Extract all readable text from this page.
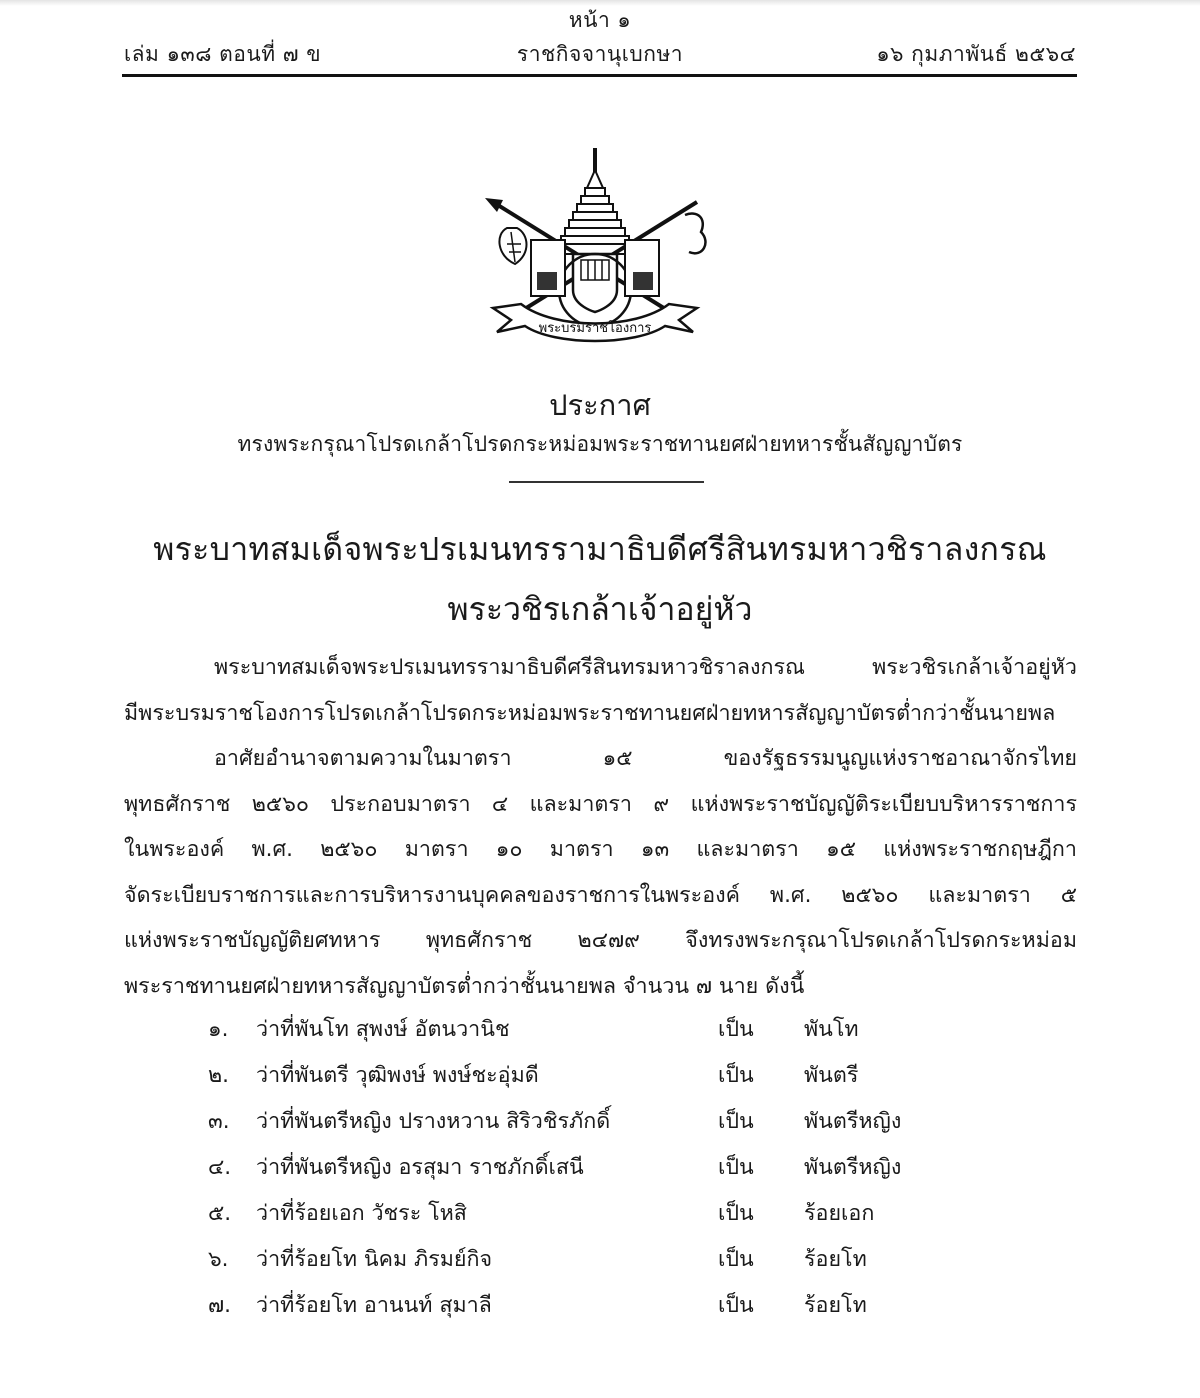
หน้า ๑
เล่ม ๑๓๘ ตอนที่ ๗ ข	ราชกิจจานุเบกษา	๑๖ กุมภาพันธ์ ๒๕๖๔
พระบรมราชโองการ
ประกาศ
ทรงพระกรุณาโปรดเกล้าโปรดกระหม่อมพระราชทานยศฝ่ายทหารชั้นสัญญาบัตร
พระบาทสมเด็จพระปรเมนทรรามาธิบดีศรีสินทรมหาวชิราลงกรณ
พระวชิรเกล้าเจ้าอยู่หัว
พระบาทสมเด็จพระปรเมนทรรามาธิบดีศรีสินทรมหาวชิราลงกรณ พระวชิรเกล้าเจ้าอยู่หัว
มีพระบรมราชโองการโปรดเกล้าโปรดกระหม่อมพระราชทานยศฝ่ายทหารสัญญาบัตรต่ำกว่าชั้นนายพล
อาศัยอำนาจตามความในมาตรา ๑๕ ของรัฐธรรมนูญแห่งราชอาณาจักรไทย
พุทธศักราช ๒๕๖๐ ประกอบมาตรา ๔ และมาตรา ๙ แห่งพระราชบัญญัติระเบียบบริหารราชการ
ในพระองค์ พ.ศ. ๒๕๖๐ มาตรา ๑๐ มาตรา ๑๓ และมาตรา ๑๕ แห่งพระราชกฤษฎีกา
จัดระเบียบราชการและการบริหารงานบุคคลของราชการในพระองค์ พ.ศ. ๒๕๖๐ และมาตรา ๕
แห่งพระราชบัญญัติยศทหาร พุทธศักราช ๒๔๗๙ จึงทรงพระกรุณาโปรดเกล้าโปรดกระหม่อม
พระราชทานยศฝ่ายทหารสัญญาบัตรต่ำกว่าชั้นนายพล จำนวน ๗ นาย ดังนี้
๑. ว่าที่พันโท สุพงษ์ อัตนวานิช	เป็น พันโท
๒. ว่าที่พันตรี วุฒิพงษ์ พงษ์ชะอุ่มดี	เป็น พันตรี
๓. ว่าที่พันตรีหญิง ปรางหวาน สิริวชิรภักดิ์	เป็น พันตรีหญิง
๔. ว่าที่พันตรีหญิง อรสุมา ราชภักดิ์เสนี	เป็น พันตรีหญิง
๕. ว่าที่ร้อยเอก วัชระ โหสิ	เป็น ร้อยเอก
๖. ว่าที่ร้อยโท นิคม ภิรมย์กิจ	เป็น ร้อยโท
๗. ว่าที่ร้อยโท อานนท์ สุมาลี	เป็น ร้อยโท
